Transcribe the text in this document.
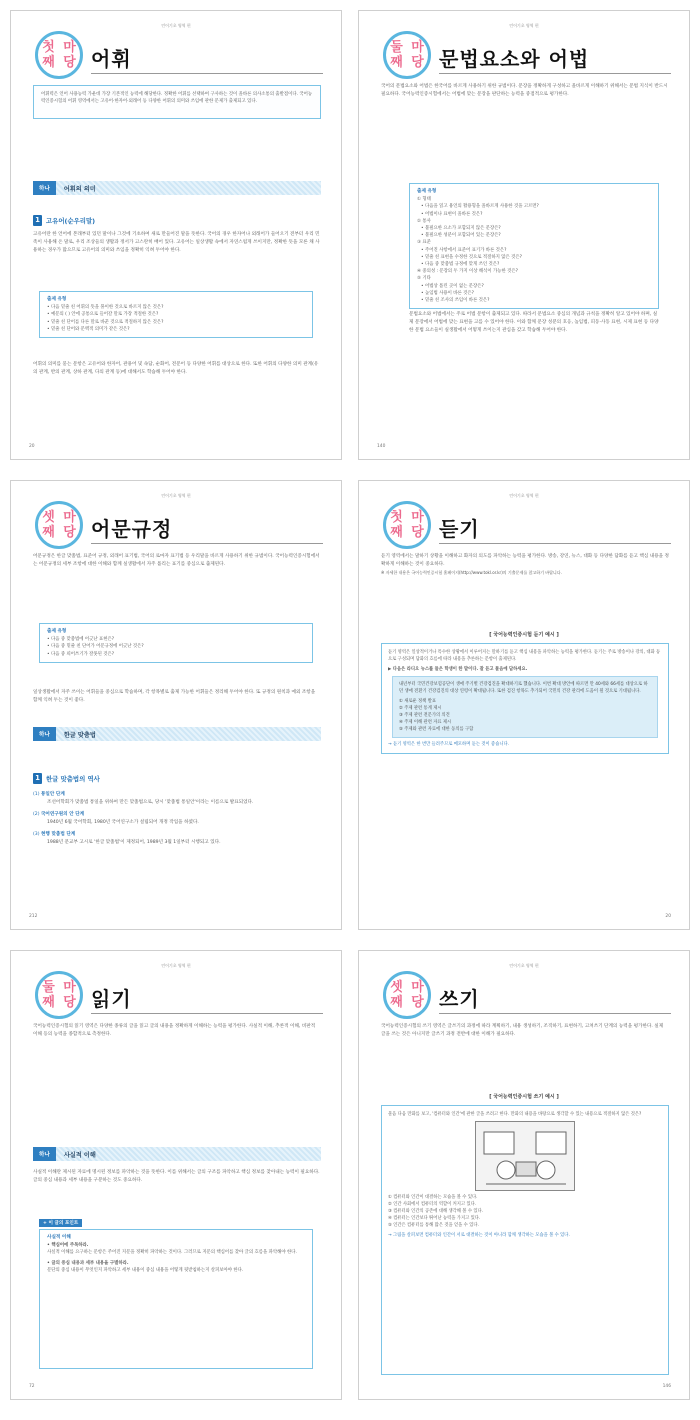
언어기초 영역 편
첫째
마당 어휘
어휘력은 언어 사용능력 가운데 가장 기본적인 능력에 해당한다. 정확한 어휘를 선택하여 구사하는 것이 올바른 의사소통의 출발점이다. 국어능력인증시험의 어휘 영역에서는 고유어·한자어·외래어 등 다양한 어휘의 의미와 쓰임에 관한 문제가 출제되고 있다.
하나	어휘의 의미
1 고유어(순우리말)
고유어란 한 언어에 본래부터 있던 말이나 그것에 기초하여 새로 만들어진 말을 뜻한다. 국어의 경우 한자어나 외래어가 들어오기 전부터 우리 민족이 사용해 온 말로, 우리 조상들의 생활과 정서가 고스란히 배어 있다. 고유어는 일상생활 속에서 자연스럽게 쓰이지만, 정확한 뜻을 모른 채 사용하는 경우가 많으므로 고유어의 의미와 쓰임을 정확히 익혀 두어야 한다.
출제 유형
• 다음 밑줄 친 어휘의 뜻을 풀이한 것으로 바르지 않은 것은?
• 예문의 ( ) 안에 공통으로 들어갈 말로 가장 적절한 것은?
• 밑줄 친 단어를 다른 말로 바꾼 것으로 적절하지 않은 것은?
• 밑줄 친 단어와 문맥적 의미가 같은 것은?
어휘의 의미를 묻는 문항은 고유어와 한자어, 관용어 및 속담, 순화어, 전문어 등 다양한 어휘를 대상으로 한다. 또한 어휘의 다양한 의미 관계(유의 관계, 반의 관계, 상하 관계, 다의 관계 등)에 대해서도 학습해 두어야 한다.
20
언어기초 영역 편
둘째
마당 문법요소와 어법
국어의 문법요소와 어법은 한국어를 바르게 사용하기 위한 규범이다. 문장을 정확하게 구성하고 올바르게 이해하기 위해서는 문법 지식이 반드시 필요하다. 국어능력인증시험에서는 어법에 맞는 문장을 판단하는 능력을 중점적으로 평가한다.
출제 유형
① 형태
• 다음을 읽고 용언의 활용형을 올바르게 사용한 것을 고르면?
• 어법이나 표현이 올바른 것은?
② 통사
• 불필요한 요소가 포함되지 않은 문장은?
• 불필요한 성분이 포함되어 있는 문장은?
③ 표준
• 주어진 사항에서 표준어 표기가 바른 것은?
• 밑줄 친 표현을 수정한 것으로 적절하지 않은 것은?
• 다음 중 맞춤법 규정에 맞게 쓰인 것은?
④ 중의성 : 문장의 두 가지 이상 해석이 가능한 것은?
⑤ 기타
• 어법상 틀린 곳이 없는 문장은?
• 높임법 사용이 바른 것은?
• 밑줄 친 조사의 쓰임이 바른 것은?
문법요소와 어법에서는 주로 어법 문항이 출제되고 있다. 따라서 문법요소 중심의 개념과 규칙을 정확히 알고 있어야 하며, 실제 문장에서 어법에 맞는 표현을 고를 수 있어야 한다. 이와 함께 문장 성분의 호응, 높임법, 피동·사동 표현, 시제 표현 등 다양한 문법 요소들이 실생활에서 어떻게 쓰이는지 관심을 갖고 학습해 두어야 한다.
140
언어기초 영역 편
셋째
마당 어문규정
어문규정은 한글 맞춤법, 표준어 규정, 외래어 표기법, 국어의 로마자 표기법 등 우리말을 바르게 사용하기 위한 규범이다. 국어능력인증시험에서는 어문규정의 세부 조항에 대한 이해와 함께 실생활에서 자주 틀리는 표기를 중심으로 출제된다.
출제 유형
• 다음 중 맞춤법에 어긋난 표현은?
• 다음 중 밑줄 친 단어가 어문규정에 어긋난 것은?
• 다음 중 띄어쓰기가 잘못된 것은?
일상생활에서 자주 쓰이는 어휘들을 중심으로 학습하며, 각 항목별로 출제 가능한 어휘들은 정리해 두어야 한다. 또 규정의 원칙과 예외 조항을 함께 익혀 두는 것이 좋다.
하나	한글 맞춤법
1 한글 맞춤법의 역사
(1) 통일안 단계
조선어학회가 맞춤법 통일을 위하여 만든 맞춤법으로, 당시 '맞춤법 통일안'이라는 이름으로 발표되었다.
(2) 국어연구원의 안 단계
1940년 6월 국어학회, 1980년 국어연구소가 설립되어 개정 작업을 하였다.
(3) 현행 맞춤법 단계
1988년 문교부 고시로 '한글 맞춤법'이 제정되어, 1989년 3월 1일부터 시행되고 있다.
212
언어기초 영역 편
첫째
마당 듣기
듣기 영역에서는 말하기 상황을 이해하고 화자의 의도를 파악하는 능력을 평가한다. 방송, 강연, 뉴스, 대화 등 다양한 담화를 듣고 핵심 내용을 정확하게 이해하는 것이 중요하다.
※ 자세한 내용은 국어능력인증시험 홈페이지(http://www.tokl.or.kr)의 기출문제를 참고하기 바랍니다.
[ 국어능력인증시험 듣기 예시 ]
듣기 영역은 일상적이거나 특수한 상황에서 이루어지는 말하기를 듣고 핵심 내용을 파악하는 능력을 평가한다. 듣기는 주로 방송이나 강의, 대화 등으로 구성되며 담화의 흐름에 따라 내용을 추론하는 문항이 출제된다.
▶ 다음은 라디오 뉴스를 들은 학생이 한 말이다. 잘 듣고 물음에 답하세요.
내년부터 국민건강보험공단이 생애 주기별 건강검진을 확대하기로 했습니다. 이번 확대 방안에 따르면 만 40세와 66세를 대상으로 하던 생애 전환기 건강검진의 대상 연령이 확대됩니다. 또한 검진 항목도 추가되어 국민의 건강 관리에 도움이 될 것으로 기대됩니다.
① 새로운 정책 발표
② 주제 관련 통계 제시
③ 주제 관련 전문가의 의견
④ 주제 이해 관련 자료 제시
⑤ 주제와 관련 자료에 대한 동의를 구함
→ 듣기 영역은 한 번만 들려주므로 메모하며 듣는 것이 좋습니다.
20
언어기초 영역 편
둘째
마당 읽기
국어능력인증시험의 읽기 영역은 다양한 종류의 글을 읽고 글의 내용을 정확하게 이해하는 능력을 평가한다. 사실적 이해, 추론적 이해, 비판적 이해 등의 능력을 종합적으로 측정한다.
하나	사실적 이해
사실적 이해란 제시된 자료에 명시된 정보를 파악하는 것을 뜻한다. 이를 위해서는 글의 구조를 파악하고 핵심 정보를 찾아내는 능력이 필요하다. 글의 중심 내용과 세부 내용을 구분하는 것도 중요하다.
+ 이 글의 포인트
사실적 이해
• 핵심어에 주목하라.
사실적 이해를 요구하는 문항은 주어진 지문을 정확히 파악하는 것이다. 그러므로 지문의 핵심어를 찾아 글의 흐름을 파악해야 한다.
• 글의 중심 내용과 세부 내용을 구별하라.
문단의 중심 내용이 무엇인지 파악하고 세부 내용이 중심 내용을 어떻게 뒷받침하는지 살펴보아야 한다.
72
언어기초 영역 편
셋째
마당 쓰기
국어능력인증시험의 쓰기 영역은 글쓰기의 과정에 따라 계획하기, 내용 생성하기, 조직하기, 표현하기, 고쳐쓰기 단계의 능력을 평가한다. 실제 글을 쓰는 것은 아니지만 글쓰기 과정 전반에 대한 이해가 필요하다.
[ 국어능력인증시험 쓰기 예시 ]
물음 다음 만화를 보고, '컴퓨터와 인간'에 관한 글을 쓰려고 한다. 만화의 내용을 바탕으로 생각할 수 있는 내용으로 적절하지 않은 것은?
① 컴퓨터와 인간이 대결하는 모습을 볼 수 있다.
② 인간 사회에서 컴퓨터의 역할이 커지고 있다.
③ 컴퓨터와 인간의 공존에 대해 생각해 볼 수 있다.
④ 컴퓨터는 인간보다 뛰어난 능력을 가지고 있다.
⑤ 인간은 컴퓨터를 통해 많은 것을 얻을 수 있다.
→ 그림을 살펴보면 컴퓨터와 인간이 서로 대결하는 것이 아니라 함께 생각하는 모습을 볼 수 있다.
146
